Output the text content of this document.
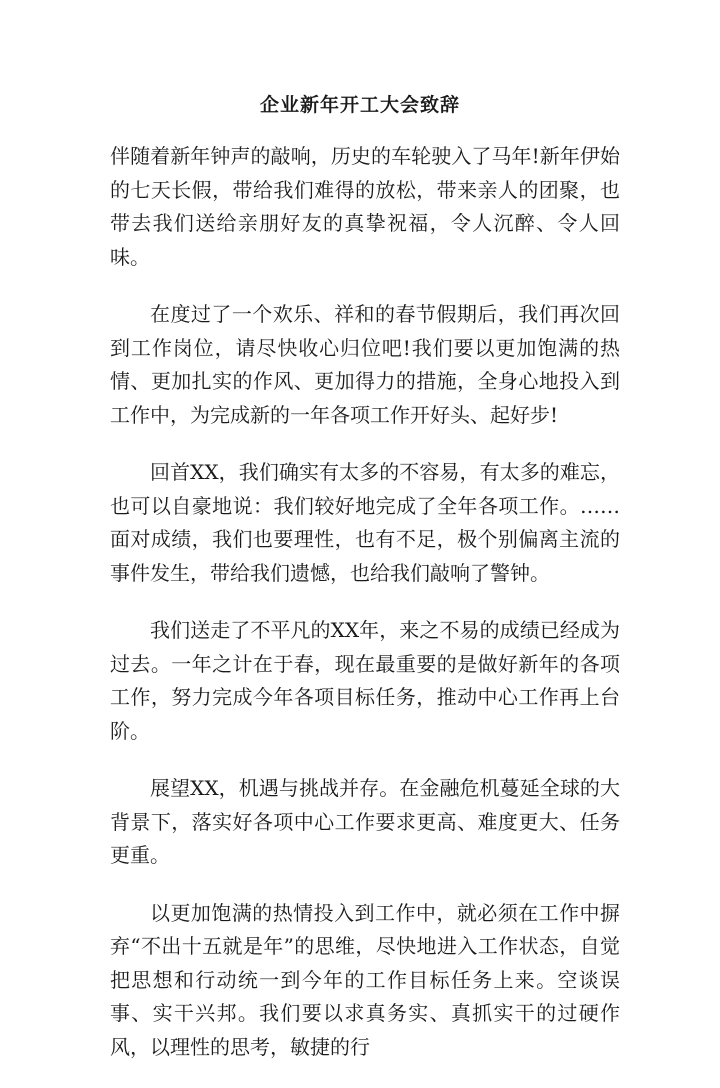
企业新年开工大会致辞

伴随着新年钟声的敲响，历史的车轮驶入了马年!新年伊始的七天长假，带给我们难得的放松，带来亲人的团聚，也带去我们送给亲朋好友的真挚祝福，令人沉醉、令人回味。

在度过了一个欢乐、祥和的春节假期后，我们再次回到工作岗位，请尽快收心归位吧!我们要以更加饱满的热情、更加扎实的作风、更加得力的措施，全身心地投入到工作中，为完成新的一年各项工作开好头、起好步!

回首XX，我们确实有太多的不容易，有太多的难忘，也可以自豪地说：我们较好地完成了全年各项工作。……面对成绩，我们也要理性，也有不足，极个别偏离主流的事件发生，带给我们遗憾，也给我们敲响了警钟。

我们送走了不平凡的XX年，来之不易的成绩已经成为过去。一年之计在于春，现在最重要的是做好新年的各项工作，努力完成今年各项目标任务，推动中心工作再上台阶。

展望XX，机遇与挑战并存。在金融危机蔓延全球的大背景下，落实好各项中心工作要求更高、难度更大、任务更重。

以更加饱满的热情投入到工作中，就必须在工作中摒弃“不出十五就是年”的思维，尽快地进入工作状态，自觉把思想和行动统一到今年的工作目标任务上来。空谈误事、实干兴邦。我们要以求真务实、真抓实干的过硬作风，以理性的思考，敏捷的行
